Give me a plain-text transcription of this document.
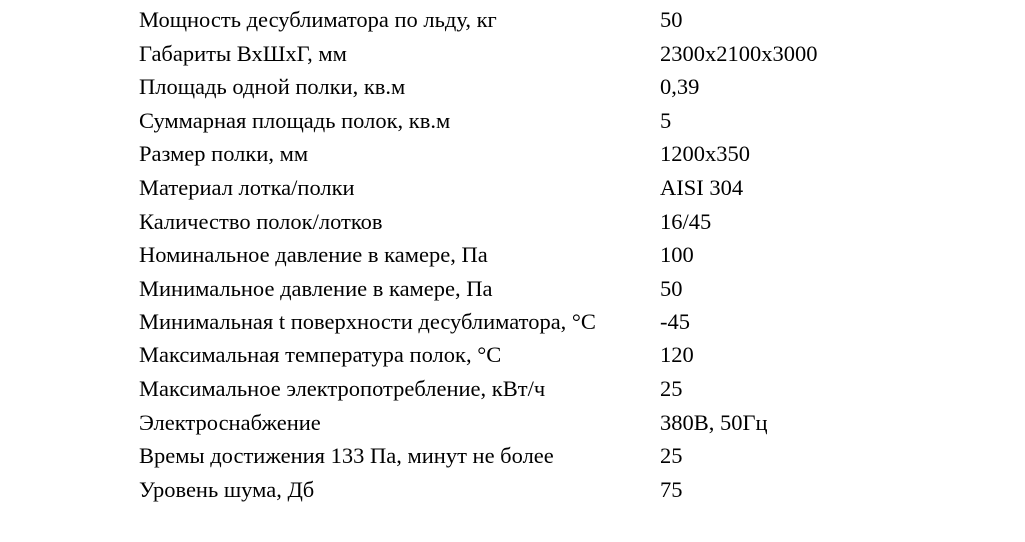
Мощность десублиматора по льду, кг	50
Габариты ВхШхГ, мм	2300х2100х3000
Площадь одной полки, кв.м	0,39
Суммарная площадь полок, кв.м	5
Размер полки, мм	1200х350
Материал лотка/полки	AISI 304
Каличество полок/лотков	16/45
Номинальное давление в камере, Па	100
Минимальное давление в камере, Па	50
Минимальная t поверхности десублиматора, °С	-45
Максимальная температура полок, °С	120
Максимальное электропотребление, кВт/ч	25
Электроснабжение	380В, 50Гц
Времы достижения 133 Па, минут не более	25
Уровень шума, Дб	75
